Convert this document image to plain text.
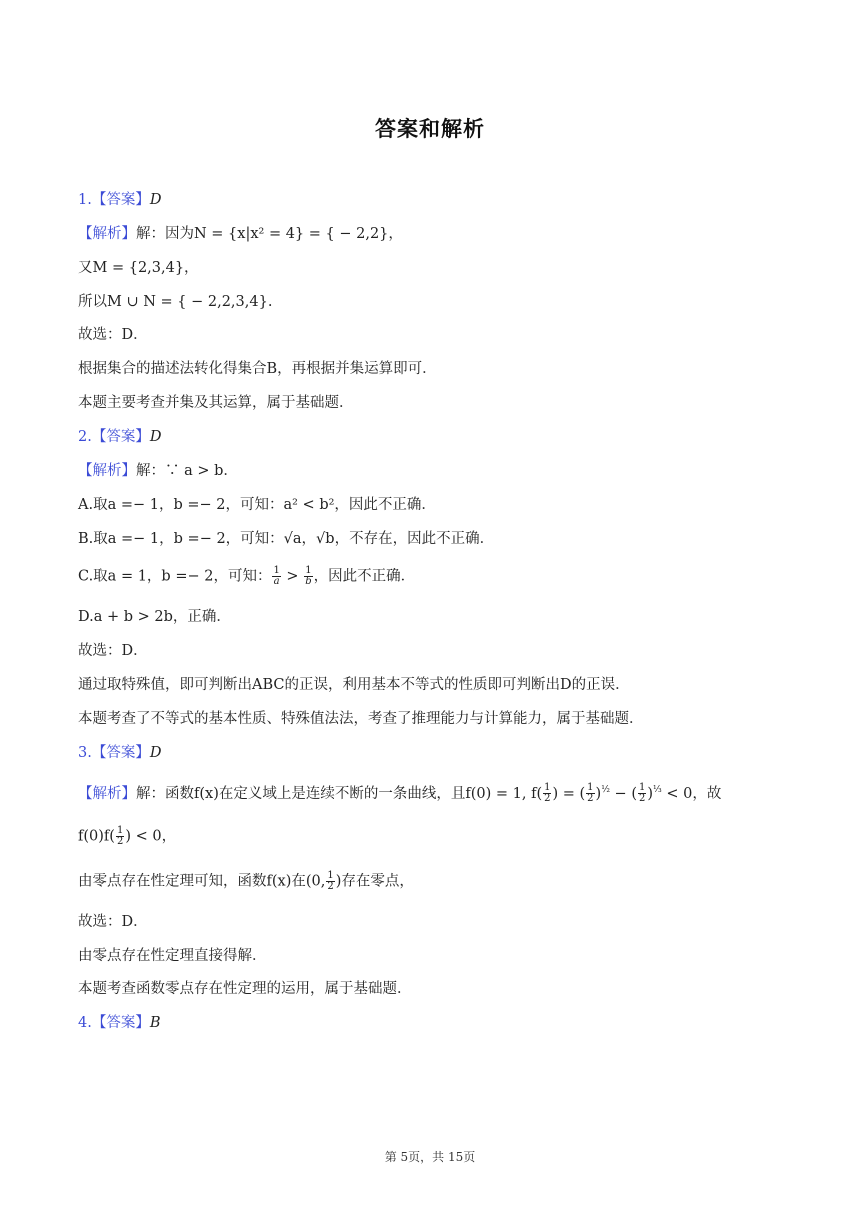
答案和解析
1.【答案】D
【解析】解：因为N = {x|x² = 4} = { − 2,2}，
又M = {2,3,4}，
所以M ∪ N = { − 2,2,3,4}.
故选：D．
根据集合的描述法转化得集合B，再根据并集运算即可．
本题主要考查并集及其运算，属于基础题．
2.【答案】D
【解析】解：∵ a > b．
A.取a =− 1，b =− 2，可知：a² < b²，因此不正确．
B.取a =− 1，b =− 2，可知：√a，√b，不存在，因此不正确．
C.取a = 1，b =− 2，可知： $\frac{1}{a} > \frac{1}{b}$ ，因此不正确．
D.a + b > 2b，正确．
故选：D．
通过取特殊值，即可判断出ABC的正误，利用基本不等式的性质即可判断出D的正误．
本题考查了不等式的基本性质、特殊值法法，考查了推理能力与计算能力，属于基础题．
3.【答案】D
【解析】解：函数f(x)在定义域上是连续不断的一条曲线，且f(0) = 1, $f( \frac{1}{2}$ ) = ( $\frac{1}{2} )^{\frac{1}{2}}$ − ( $\frac{1}{2} )^{\frac{1}{3}} < 0$，故
$f(0)f( \frac{1}{2}$ ) < 0，
由零点存在性定理可知，函数f(x)在(0, $\frac{1}{2}$ )存在零点，
故选：D．
由零点存在性定理直接得解．
本题考查函数零点存在性定理的运用，属于基础题．
4.【答案】B
第 5页，共 15页
